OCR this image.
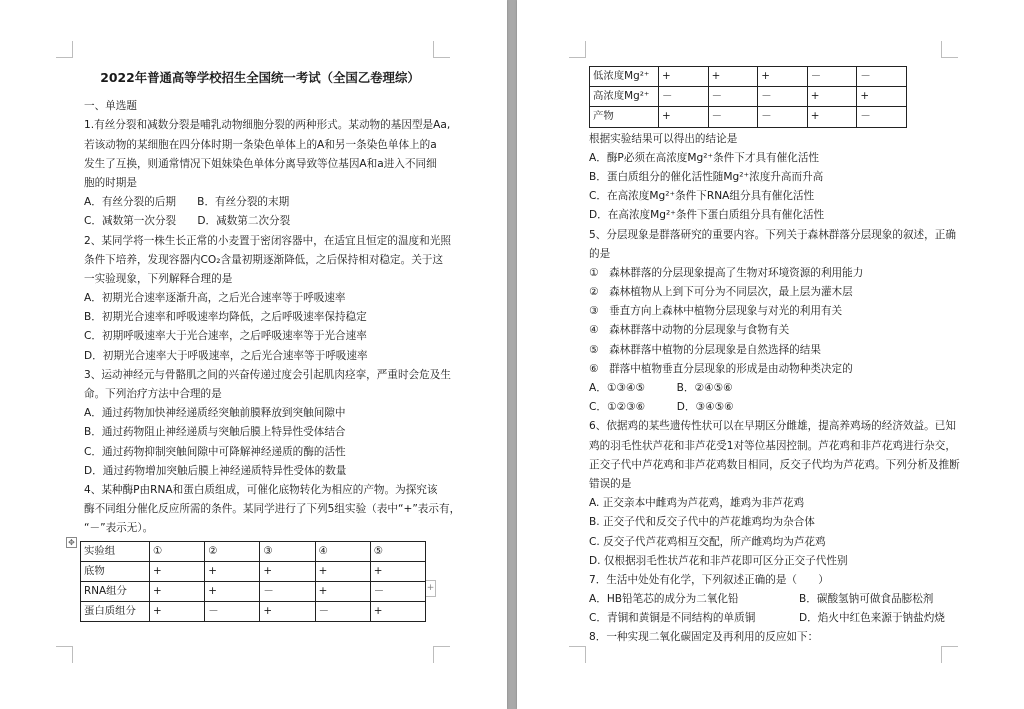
✥
+
2022年普通高等学校招生全国统一考试（全国乙卷理综）
一、单选题
1.有丝分裂和减数分裂是哺乳动物细胞分裂的两种形式。某动物的基因型是Aa,
若该动物的某细胞在四分体时期一条染色单体上的A和另一条染色单体上的a
发生了互换，则通常情况下姐妹染色单体分离导致等位基因A和a进入不同细
胞的时期是
A．有丝分裂的后期　　B．有丝分裂的末期
C．减数第一次分裂　　D．减数第二次分裂
2、某同学将一株生长正常的小麦置于密闭容器中，在适宜且恒定的温度和光照
条件下培养，发现容器内CO₂含量初期逐渐降低，之后保持相对稳定。关于这
一实验现象，下列解释合理的是
A．初期光合速率逐渐升高，之后光合速率等于呼吸速率
B．初期光合速率和呼吸速率均降低，之后呼吸速率保持稳定
C．初期呼吸速率大于光合速率，之后呼吸速率等于光合速率
D．初期光合速率大于呼吸速率，之后光合速率等于呼吸速率
3、运动神经元与骨骼肌之间的兴奋传递过度会引起肌肉痉挛，严重时会危及生
命。下列治疗方法中合理的是
A．通过药物加快神经递质经突触前膜释放到突触间隙中
B．通过药物阻止神经递质与突触后膜上特异性受体结合
C．通过药物抑制突触间隙中可降解神经递质的酶的活性
D．通过药物增加突触后膜上神经递质特异性受体的数量
4、某种酶P由RNA和蛋白质组成，可催化底物转化为相应的产物。为探究该
酶不同组分催化反应所需的条件。某同学进行了下列5组实验（表中“+”表示有，
“－”表示无）。
实验组	①	②	③	④	⑤
底物	+	+	+	+	+
RNA组分	+	+	－	+	－
蛋白质组分	+	－	+	－	+
低浓度Mg²⁺	+	+	+	－	－
高浓度Mg²⁺	－	－	－	+	+
产物	+	－	－	+	－
根据实验结果可以得出的结论是
A．酶P必须在高浓度Mg²⁺条件下才具有催化活性
B．蛋白质组分的催化活性随Mg²⁺浓度升高而升高
C．在高浓度Mg²⁺条件下RNA组分具有催化活性
D．在高浓度Mg²⁺条件下蛋白质组分具有催化活性
5、分层现象是群落研究的重要内容。下列关于森林群落分层现象的叙述，正确
的是
①　森林群落的分层现象提高了生物对环境资源的利用能力
②　森林植物从上到下可分为不同层次，最上层为灌木层
③　垂直方向上森林中植物分层现象与对光的利用有关
④　森林群落中动物的分层现象与食物有关
⑤　森林群落中植物的分层现象是自然选择的结果
⑥　群落中植物垂直分层现象的形成是由动物种类决定的
A．①③④⑤　　　B．②④⑤⑥
C．①②③⑥　　　D．③④⑤⑥
6、依据鸡的某些遗传性状可以在早期区分雌雄，提高养鸡场的经济效益。已知
鸡的羽毛性状芦花和非芦花受1对等位基因控制。芦花鸡和非芦花鸡进行杂交，
正交子代中芦花鸡和非芦花鸡数目相同，反交子代均为芦花鸡。下列分析及推断
错误的是
A. 正交亲本中雌鸡为芦花鸡，雄鸡为非芦花鸡
B. 正交子代和反交子代中的芦花雄鸡均为杂合体
C. 反交子代芦花鸡相互交配，所产雌鸡均为芦花鸡
D. 仅根据羽毛性状芦花和非芦花即可区分正交子代性别
7．生活中处处有化学，下列叙述正确的是（　　）
A．HB铅笔芯的成分为二氧化铅	B．碳酸氢钠可做食品膨松剂
C．青铜和黄铜是不同结构的单质铜	D．焰火中红色来源于钠盐灼烧
8．一种实现二氧化碳固定及再利用的反应如下：
